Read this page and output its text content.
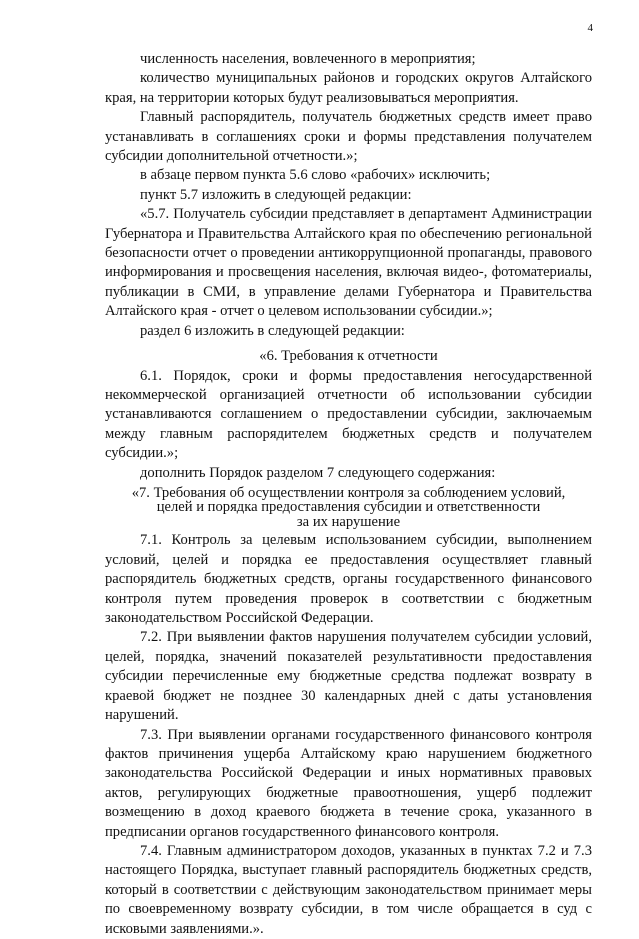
4

численность населения, вовлеченного в мероприятия;

количество муниципальных районов и городских округов Алтайского края, на территории которых будут реализовываться мероприятия.

Главный распорядитель, получатель бюджетных средств имеет право устанавливать в соглашениях сроки и формы представления получателем субсидии дополнительной отчетности.»;

в абзаце первом пункта 5.6 слово «рабочих» исключить;

пункт 5.7 изложить в следующей редакции:

«5.7. Получатель субсидии представляет в департамент Администрации Губернатора и Правительства Алтайского края по обеспечению региональной безопасности отчет о проведении антикоррупционной пропаганды, правового информирования и просвещения населения, включая видео-, фотоматериалы, публикации в СМИ, в управление делами Губернатора и Правительства Алтайского края - отчет о целевом использовании субсидии.»;

раздел 6 изложить в следующей редакции:

«6. Требования к отчетности

6.1. Порядок, сроки и формы предоставления негосударственной некоммерческой организацией отчетности об использовании субсидии устанавливаются соглашением о предоставлении субсидии, заключаемым между главным распорядителем бюджетных средств и получателем субсидии.»;

дополнить Порядок разделом 7 следующего содержания:

«7. Требования об осуществлении контроля за соблюдением условий,
целей и порядка предоставления субсидии и ответственности
за их нарушение

7.1. Контроль за целевым использованием субсидии, выполнением условий, целей и порядка ее предоставления осуществляет главный распорядитель бюджетных средств, органы государственного финансового контроля путем проведения проверок в соответствии с бюджетным законодательством Российской Федерации.

7.2. При выявлении фактов нарушения получателем субсидии условий, целей, порядка, значений показателей результативности предоставления субсидии перечисленные ему бюджетные средства подлежат возврату в краевой бюджет не позднее 30 календарных дней с даты установления нарушений.

7.3. При выявлении органами государственного финансового контроля фактов причинения ущерба Алтайскому краю нарушением бюджетного законодательства Российской Федерации и иных нормативных правовых актов, регулирующих бюджетные правоотношения, ущерб подлежит возмещению в доход краевого бюджета в течение срока, указанного в предписании органов государственного финансового контроля.

7.4. Главным администратором доходов, указанных в пунктах 7.2 и 7.3 настоящего Порядка, выступает главный распорядитель бюджетных средств, который в соответствии с действующим законодательством принимает меры по своевременному возврату субсидии, в том числе обращается в суд с исковыми заявлениями.».
